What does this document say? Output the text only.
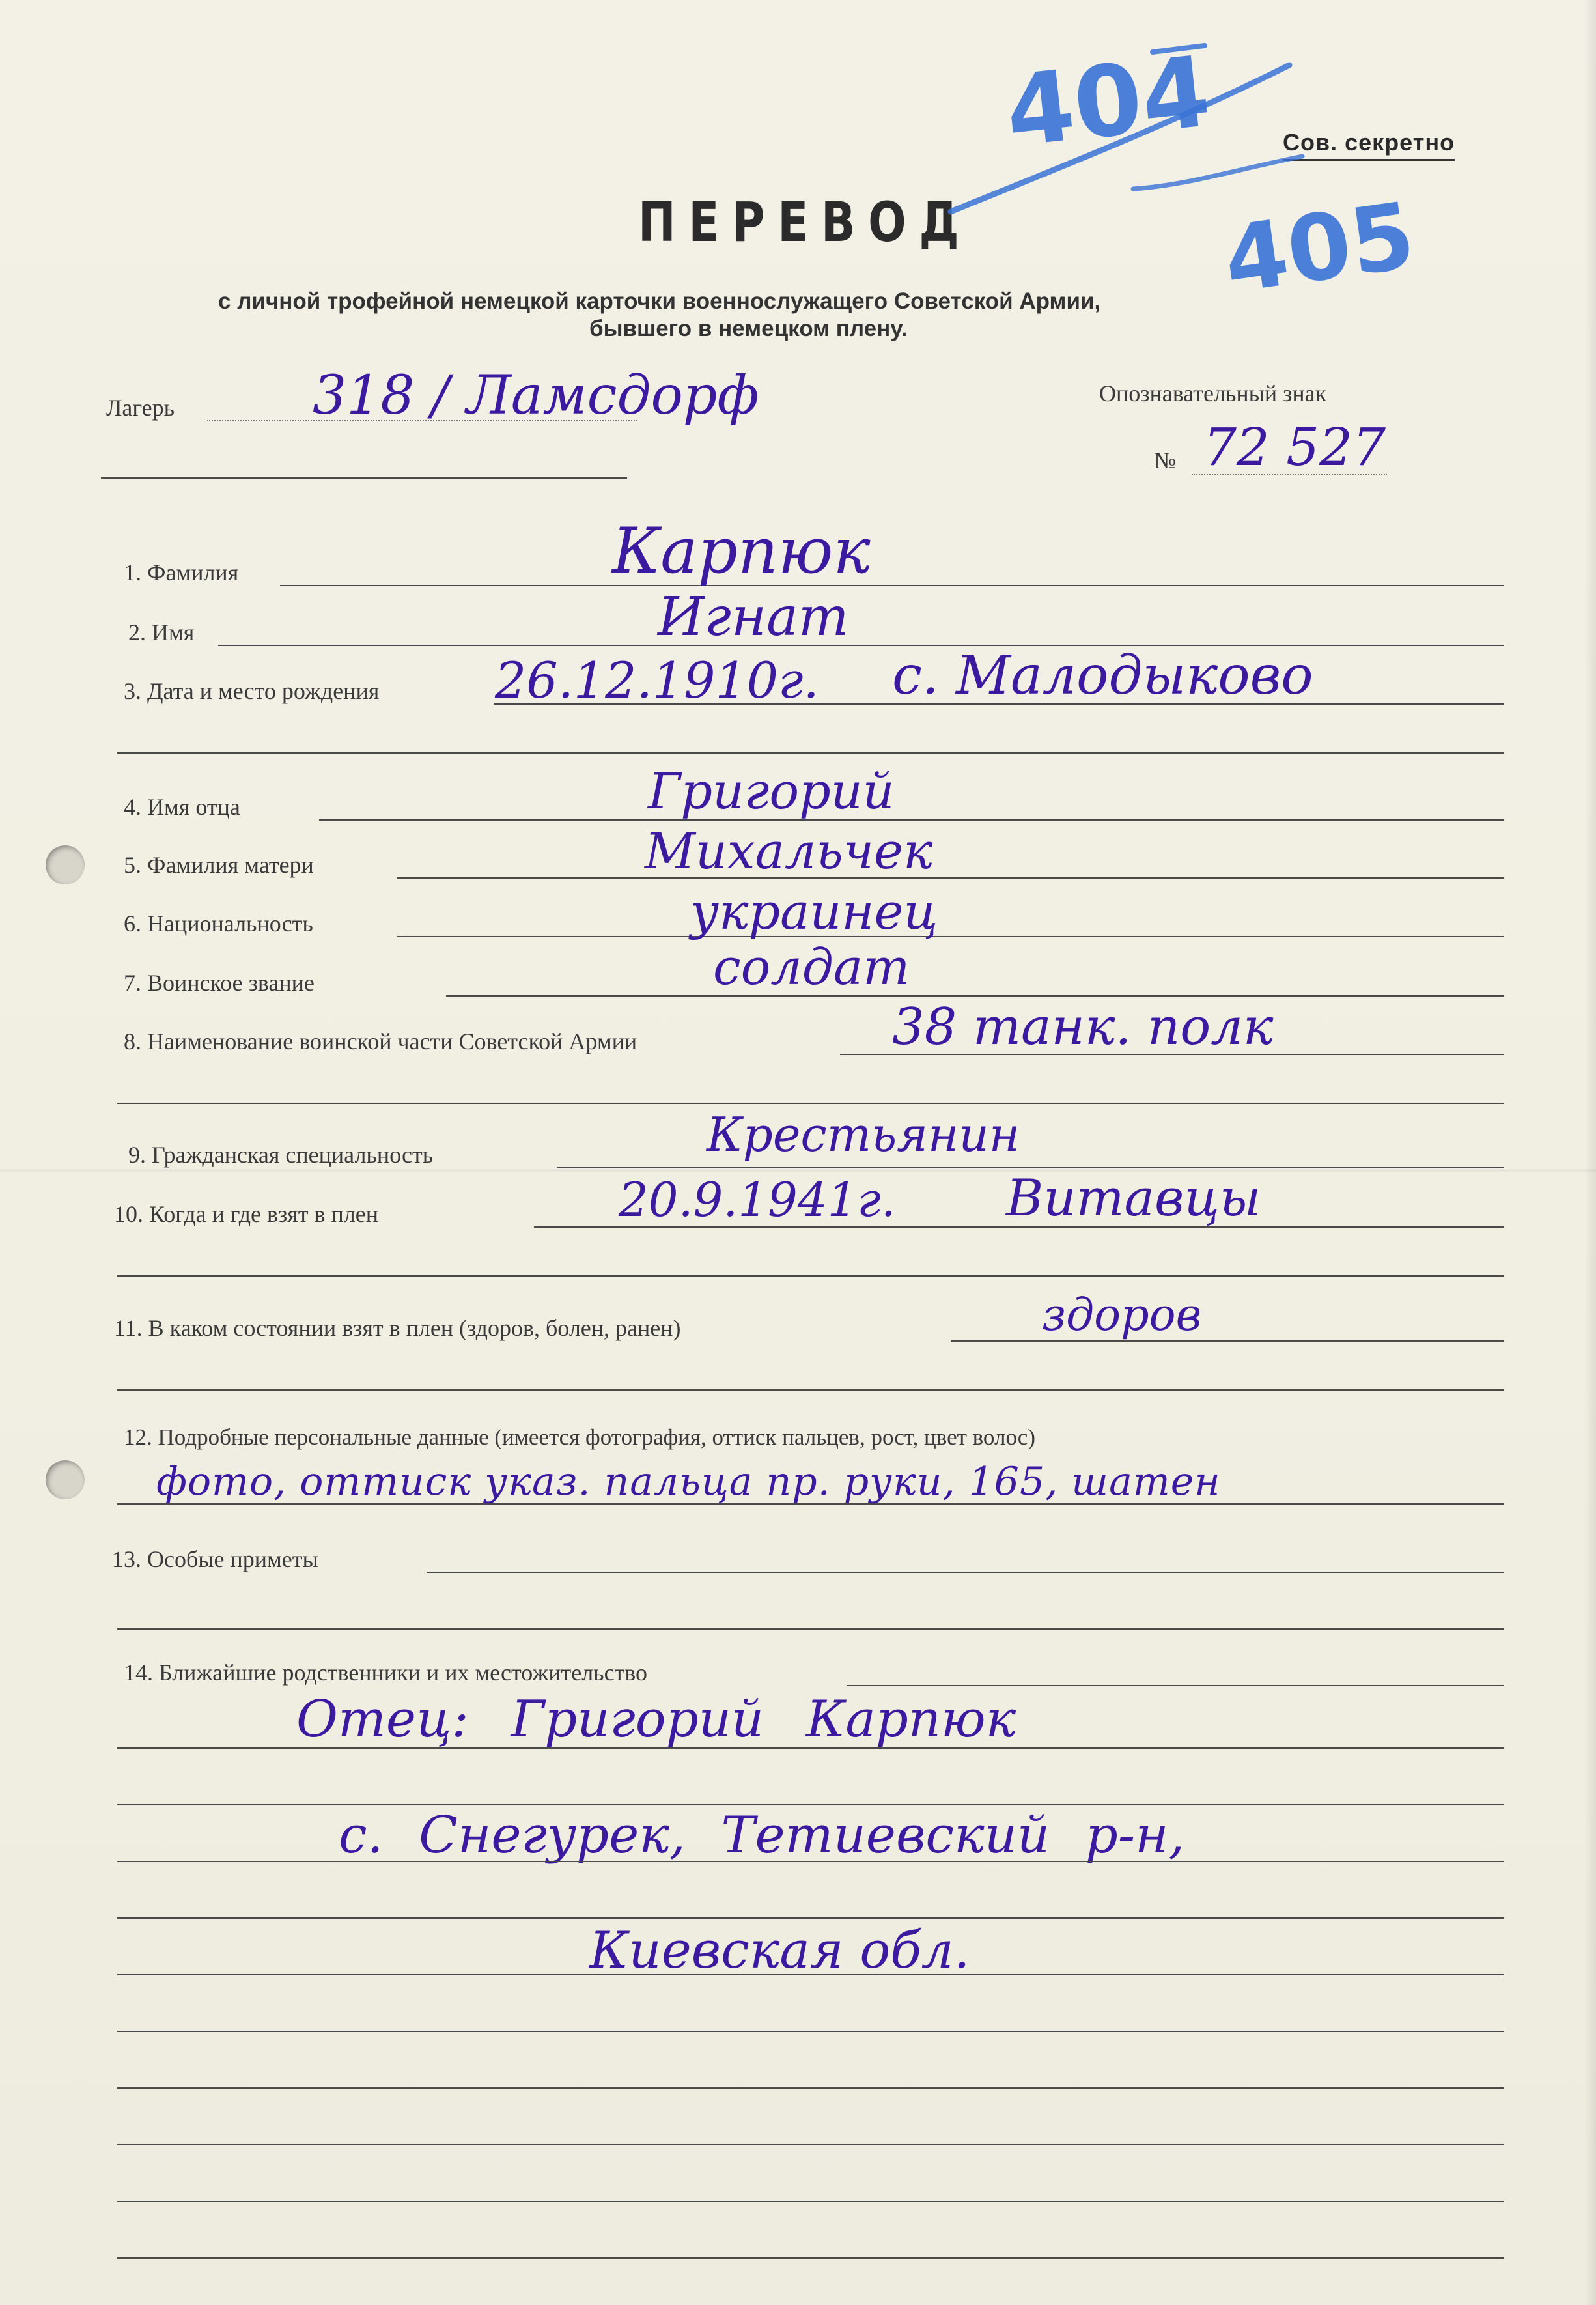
Сов. секретно
ПЕРЕВОД
с личной трофейной немецкой карточки военнослужащего Советской Армии,
бывшего в немецком плену.
404
405
Лагерь	318 / Ламсдорф	Опознавательный знак
№ 72 527
1. Фамилия	Карпюк
2. Имя	Игнат
3. Дата и место рождения 26.12.1910г. с. Малодыково
4. Имя отца	Григорий
5. Фамилия матери	Михальчек
6. Национальность	украинец
7. Воинское звание	солдат
8. Наименование воинской части Советской Армии	38 танк. полк
9. Гражданская специальность	Крестьянин
10. Когда и где взят в плен	20.9.1941г. Витавцы
11. В каком состоянии взят в плен (здоров, болен, ранен)	здоров
12. Подробные персональные данные (имеется фотография, оттиск пальцев, рост, цвет волос)
фото, оттиск указ. пальца пр. руки, 165, шатен
13. Особые приметы
14. Ближайшие родственники и их местожительство
Отец: Григорий Карпюк
с. Снегурек, Тетиевский р-н,
Киевская обл.
